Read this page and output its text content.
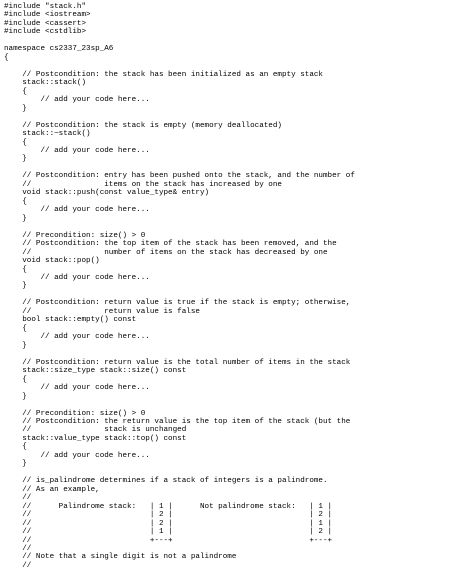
#include "stack.h"
#include <iostream>
#include <cassert>
#include <cstdlib>
namespace cs2337_23sp_A6
{
// Postcondition: the stack has been initialized as an empty stack
stack::stack()
{
// add your code here...
}
// Postcondition: the stack is empty (memory deallocated)
stack::~stack()
{
// add your code here...
}
// Postcondition: entry has been pushed onto the stack, and the number of
//                items on the stack has increased by one
void stack::push(const value_type& entry)
{
// add your code here...
}
// Precondition: size() > 0
// Postcondition: the top item of the stack has been removed, and the
//                number of items on the stack has decreased by one
void stack::pop()
{
// add your code here...
}
// Postcondition: return value is true if the stack is empty; otherwise,
//                return value is false
bool stack::empty() const
{
// add your code here...
}
// Postcondition: return value is the total number of items in the stack
stack::size_type stack::size() const
{
// add your code here...
}
// Precondition: size() > 0
// Postcondition: the return value is the top item of the stack (but the
//                stack is unchanged
stack::value_type stack::top() const
{
// add your code here...
}
// is_palindrome determines if a stack of integers is a palindrome.
// As an example,
//
//      Palindrome stack:   | 1 |      Not palindrome stack:   | 1 |
//                          | 2 |                              | 2 |
//                          | 2 |                              | 1 |
//                          | 1 |                              | 2 |
//                          +---+                              +---+
//
// Note that a single digit is not a palindrome
//
